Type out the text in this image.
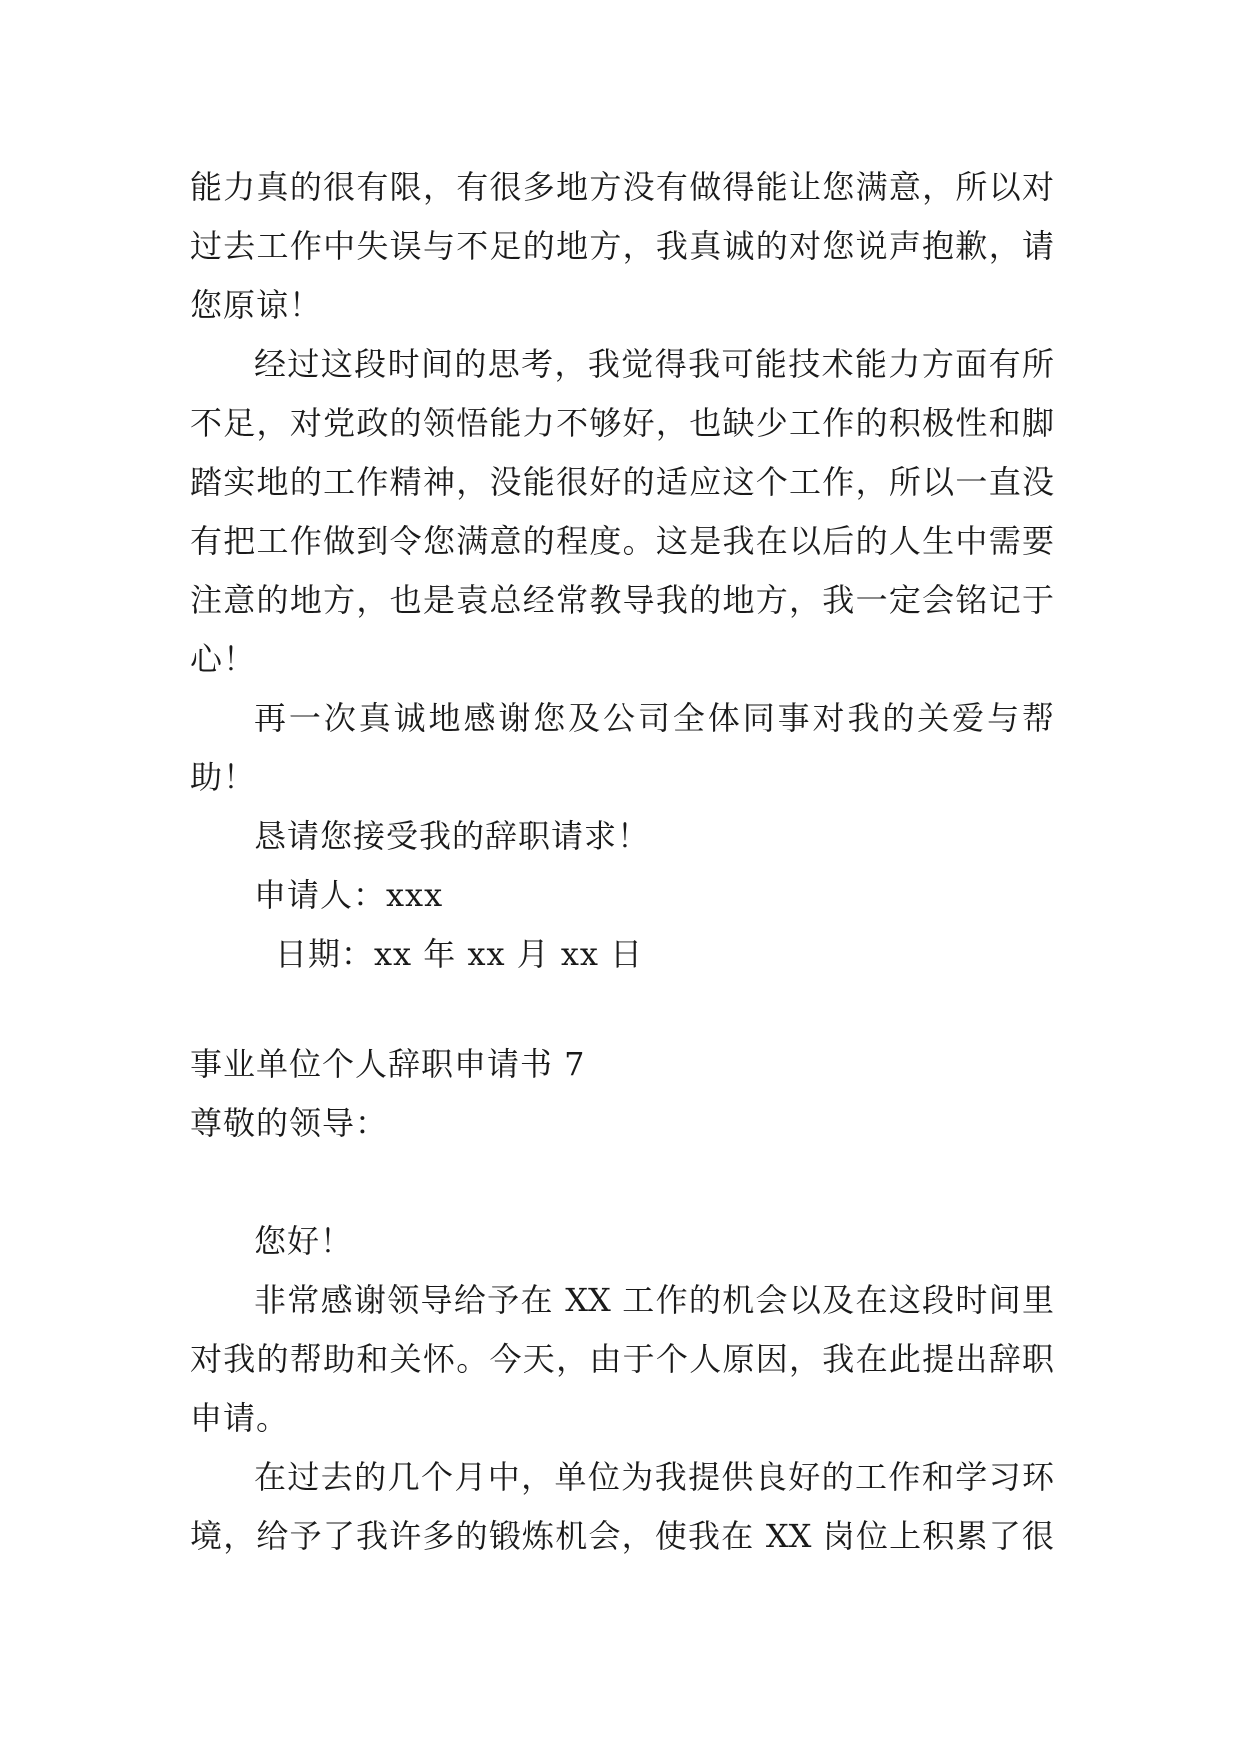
能力真的很有限，有很多地方没有做得能让您满意，所以对
过去工作中失误与不足的地方，我真诚的对您说声抱歉，请
您原谅！
经过这段时间的思考，我觉得我可能技术能力方面有所
不足，对党政的领悟能力不够好，也缺少工作的积极性和脚
踏实地的工作精神，没能很好的适应这个工作，所以一直没
有把工作做到令您满意的程度。这是我在以后的人生中需要
注意的地方，也是袁总经常教导我的地方，我一定会铭记于
心！
再一次真诚地感谢您及公司全体同事对我的关爱与帮
助！
恳请您接受我的辞职请求！
申请人：xxx
日期：xx 年 xx 月 xx 日
事业单位个人辞职申请书 7
尊敬的领导：
您好！
非常感谢领导给予在 XX 工作的机会以及在这段时间里
对我的帮助和关怀。今天，由于个人原因，我在此提出辞职
申请。
在过去的几个月中，单位为我提供良好的工作和学习环
境，给予了我许多的锻炼机会，使我在 XX 岗位上积累了很
